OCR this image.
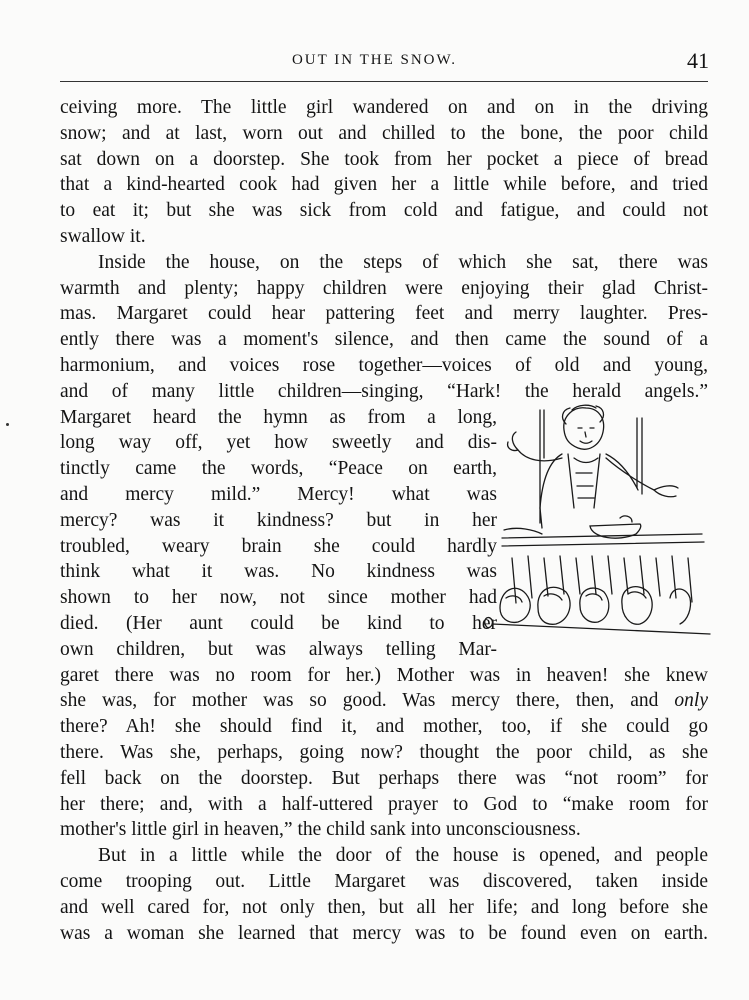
OUT IN THE SNOW.	41
ceiving more. The little girl wandered on and on in the driving
snow; and at last, worn out and chilled to the bone, the poor child
sat down on a doorstep. She took from her pocket a piece of bread
that a kind-hearted cook had given her a little while before, and tried
to eat it; but she was sick from cold and fatigue, and could not
swallow it.
Inside the house, on the steps of which she sat, there was
warmth and plenty; happy children were enjoying their glad Christ-
mas. Margaret could hear pattering feet and merry laughter. Pres-
ently there was a moment's silence, and then came the sound of a
harmonium, and voices rose together—voices of old and young,
and of many little children—singing, “Hark! the herald angels.”
Margaret heard the hymn as from a long,
long way off, yet how sweetly and dis-
tinctly came the words, “Peace on earth,
and mercy mild.” Mercy! what was
mercy? was it kindness? but in her
troubled, weary brain she could hardly
think what it was. No kindness was
shown to her now, not since mother had
died. (Her aunt could be kind to her
own children, but was always telling Mar-
garet there was no room for her.) Mother was in heaven! she knew
she was, for mother was so good. Was mercy there, then, and only
there? Ah! she should find it, and mother, too, if she could go
there. Was she, perhaps, going now? thought the poor child, as she
fell back on the doorstep. But perhaps there was “not room” for
her there; and, with a half-uttered prayer to God to “make room for
mother's little girl in heaven,” the child sank into unconsciousness.
But in a little while the door of the house is opened, and people
come trooping out. Little Margaret was discovered, taken inside
and well cared for, not only then, but all her life; and long before she
was a woman she learned that mercy was to be found even on earth.
